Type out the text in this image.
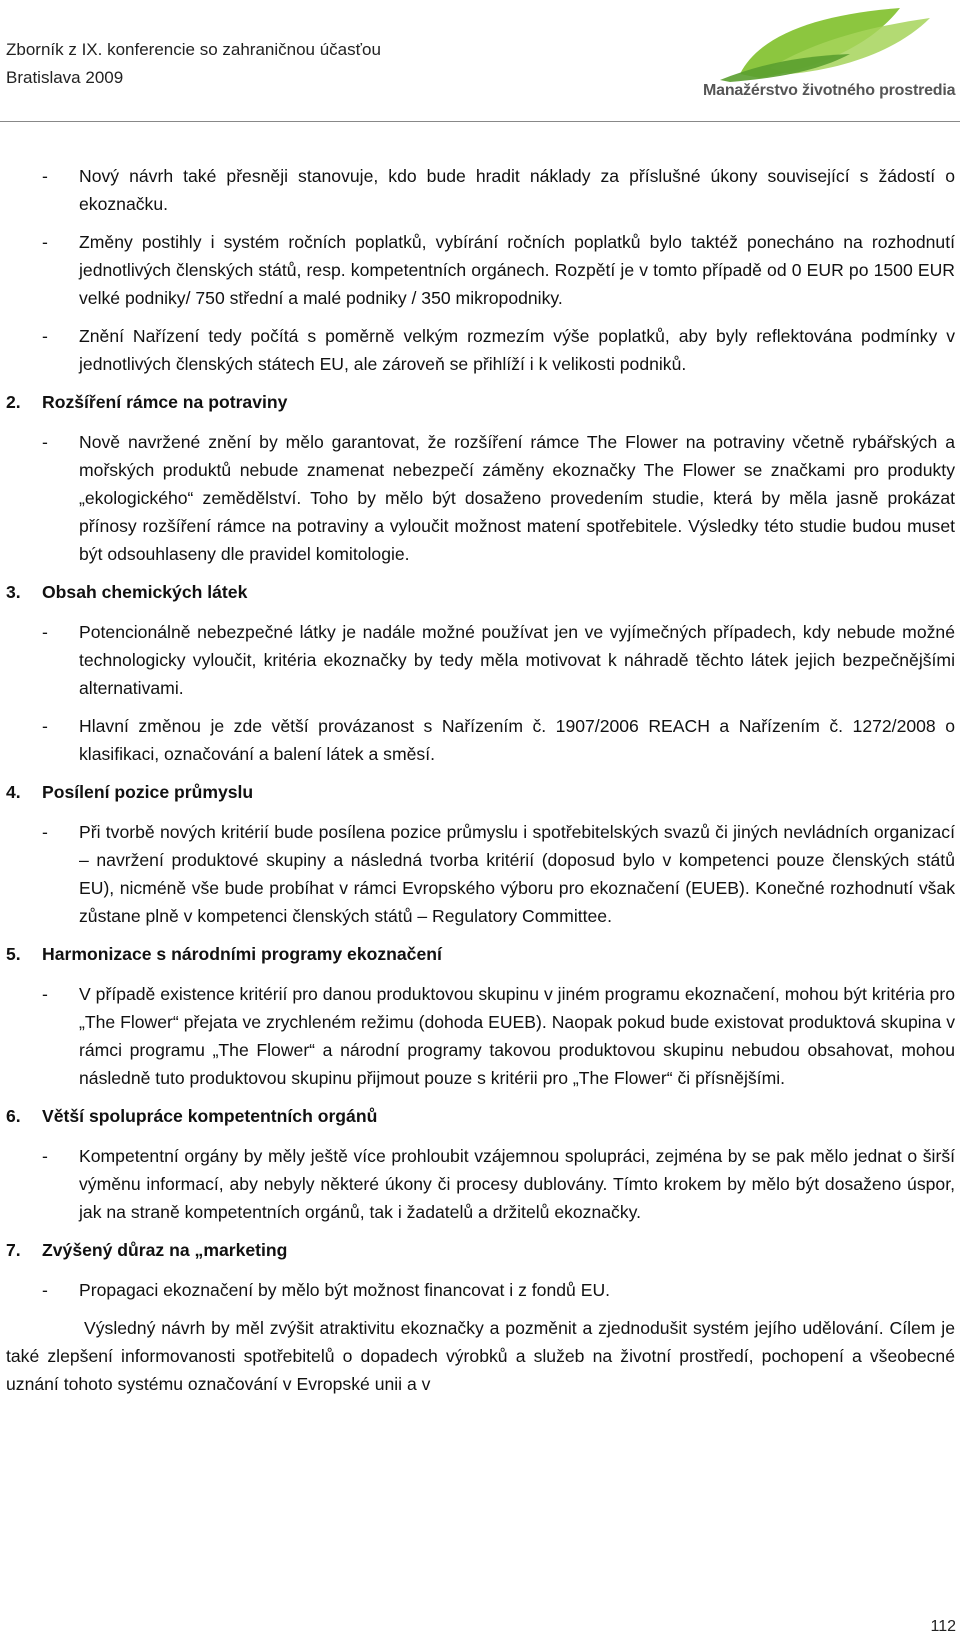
Zborník z IX. konferencie so zahraničnou účasťou
Bratislava 2009
Manažérstvo životného prostredia
- Nový návrh také přesněji stanovuje, kdo bude hradit náklady za příslušné úkony související s žádostí o ekoznačku.
- Změny postihly i systém ročních poplatků, vybírání ročních poplatků bylo taktéž ponecháno na rozhodnutí jednotlivých členských států, resp. kompetentních orgánech. Rozpětí je v tomto případě od 0 EUR po 1500 EUR velké podniky/ 750 střední a malé podniky / 350 mikropodniky.
- Znění Nařízení tedy počítá s poměrně velkým rozmezím výše poplatků, aby byly reflektována podmínky v jednotlivých členských státech EU, ale zároveň se přihlíží i k velikosti podniků.
2. Rozšíření rámce na potraviny
- Nově navržené znění by mělo garantovat, že rozšíření rámce The Flower na potraviny včetně rybářských a mořských produktů nebude znamenat nebezpečí záměny ekoznačky The Flower se značkami pro produkty „ekologického“ zemědělství. Toho by mělo být dosaženo provedením studie, která by měla jasně prokázat přínosy rozšíření rámce na potraviny a vyloučit možnost matení spotřebitele. Výsledky této studie budou muset být odsouhlaseny dle pravidel komitologie.
3. Obsah chemických látek
- Potencionálně nebezpečné látky je nadále možné používat jen ve vyjímečných případech, kdy nebude možné technologicky vyloučit, kritéria ekoznačky by tedy měla motivovat k náhradě těchto látek jejich bezpečnějšími alternativami.
- Hlavní změnou je zde větší provázanost s Nařízením č. 1907/2006 REACH a Nařízením č. 1272/2008 o klasifikaci, označování a balení látek a směsí.
4. Posílení pozice průmyslu
- Při tvorbě nových kritérií bude posílena pozice průmyslu i spotřebitelských svazů či jiných nevládních organizací – navržení produktové skupiny a následná tvorba kritérií (doposud bylo v kompetenci pouze členských států EU), nicméně vše bude probíhat v rámci Evropského výboru pro ekoznačení (EUEB). Konečné rozhodnutí však zůstane plně v kompetenci členských států – Regulatory Committee.
5. Harmonizace s národními programy ekoznačení
- V případě existence kritérií pro danou produktovou skupinu v jiném programu ekoznačení, mohou být kritéria pro „The Flower“ přejata ve zrychleném režimu (dohoda EUEB). Naopak pokud bude existovat produktová skupina v rámci programu „The Flower“ a národní programy takovou produktovou skupinu nebudou obsahovat, mohou následně tuto produktovou skupinu přijmout pouze s kritérii pro „The Flower“ či přísnějšími.
6. Větší spolupráce kompetentních orgánů
- Kompetentní orgány by měly ještě více prohloubit vzájemnou spolupráci, zejména by se pak mělo jednat o širší výměnu informací, aby nebyly některé úkony či procesy dublovány. Tímto krokem by mělo být dosaženo úspor, jak na straně kompetentních orgánů, tak i žadatelů a držitelů ekoznačky.
7. Zvýšený důraz na „marketing
- Propagaci ekoznačení by mělo být možnost financovat i z fondů EU.
Výsledný návrh by měl zvýšit atraktivitu ekoznačky a pozměnit a zjednodušit systém jejího udělování. Cílem je také zlepšení informovanosti spotřebitelů o dopadech výrobků a služeb na životní prostředí, pochopení a všeobecné uznání tohoto systému označování v Evropské unii a v
112
